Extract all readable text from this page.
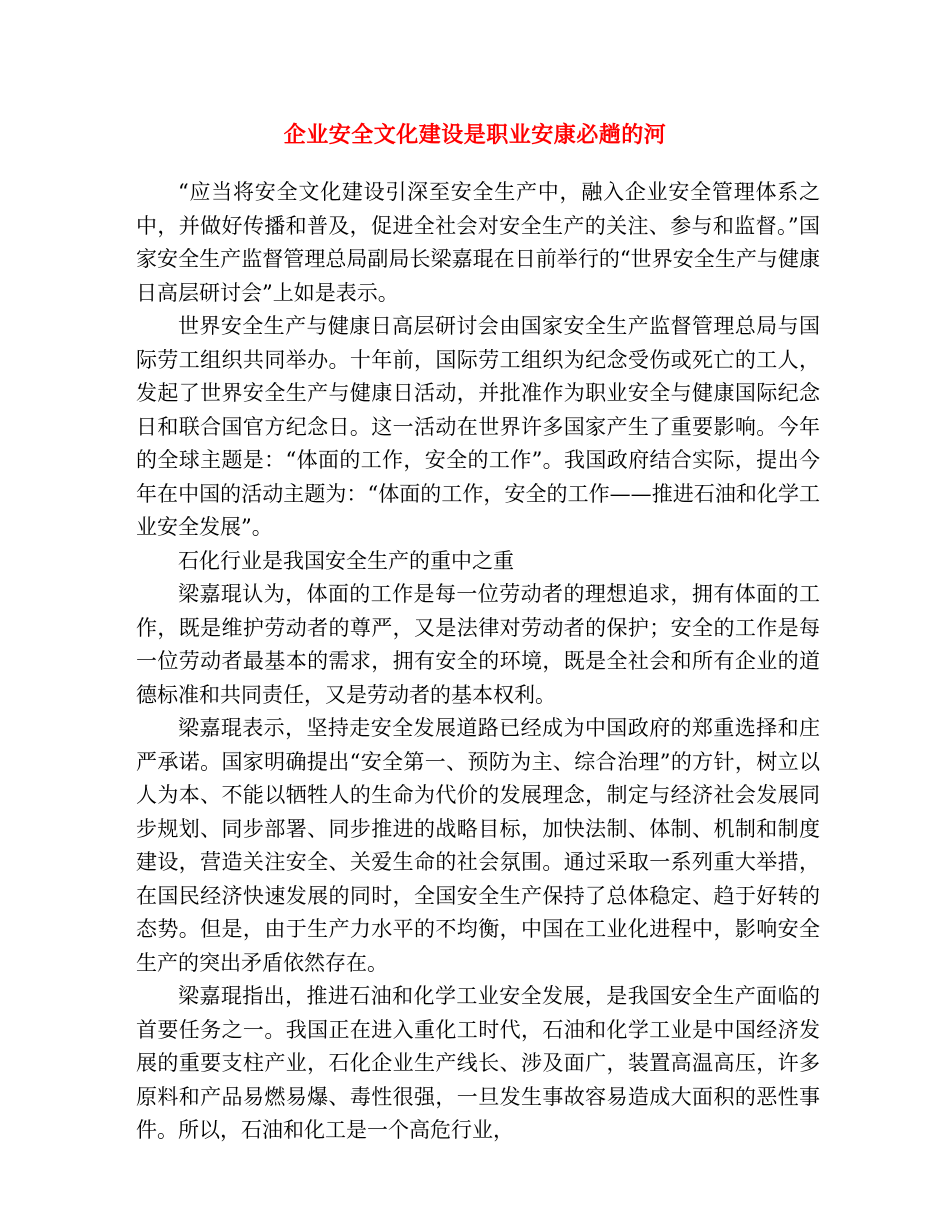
企业安全文化建设是职业安康必趟的河

“应当将安全文化建设引深至安全生产中，融入企业安全管理体系之中，并做好传播和普及，促进全社会对安全生产的关注、参与和监督。”国家安全生产监督管理总局副局长梁嘉琨在日前举行的“世界安全生产与健康日高层研讨会”上如是表示。

世界安全生产与健康日高层研讨会由国家安全生产监督管理总局与国际劳工组织共同举办。十年前，国际劳工组织为纪念受伤或死亡的工人，发起了世界安全生产与健康日活动，并批准作为职业安全与健康国际纪念日和联合国官方纪念日。这一活动在世界许多国家产生了重要影响。今年的全球主题是：“体面的工作，安全的工作”。我国政府结合实际，提出今年在中国的活动主题为：“体面的工作，安全的工作——推进石油和化学工业安全发展”。

石化行业是我国安全生产的重中之重

梁嘉琨认为，体面的工作是每一位劳动者的理想追求，拥有体面的工作，既是维护劳动者的尊严，又是法律对劳动者的保护；安全的工作是每一位劳动者最基本的需求，拥有安全的环境，既是全社会和所有企业的道德标准和共同责任，又是劳动者的基本权利。

梁嘉琨表示，坚持走安全发展道路已经成为中国政府的郑重选择和庄严承诺。国家明确提出“安全第一、预防为主、综合治理”的方针，树立以人为本、不能以牺牲人的生命为代价的发展理念，制定与经济社会发展同步规划、同步部署、同步推进的战略目标，加快法制、体制、机制和制度建设，营造关注安全、关爱生命的社会氛围。通过采取一系列重大举措，在国民经济快速发展的同时，全国安全生产保持了总体稳定、趋于好转的态势。但是，由于生产力水平的不均衡，中国在工业化进程中，影响安全生产的突出矛盾依然存在。

梁嘉琨指出，推进石油和化学工业安全发展，是我国安全生产面临的首要任务之一。我国正在进入重化工时代，石油和化学工业是中国经济发展的重要支柱产业，石化企业生产线长、涉及面广，装置高温高压，许多原料和产品易燃易爆、毒性很强，一旦发生事故容易造成大面积的恶性事件。所以，石油和化工是一个高危行业，
